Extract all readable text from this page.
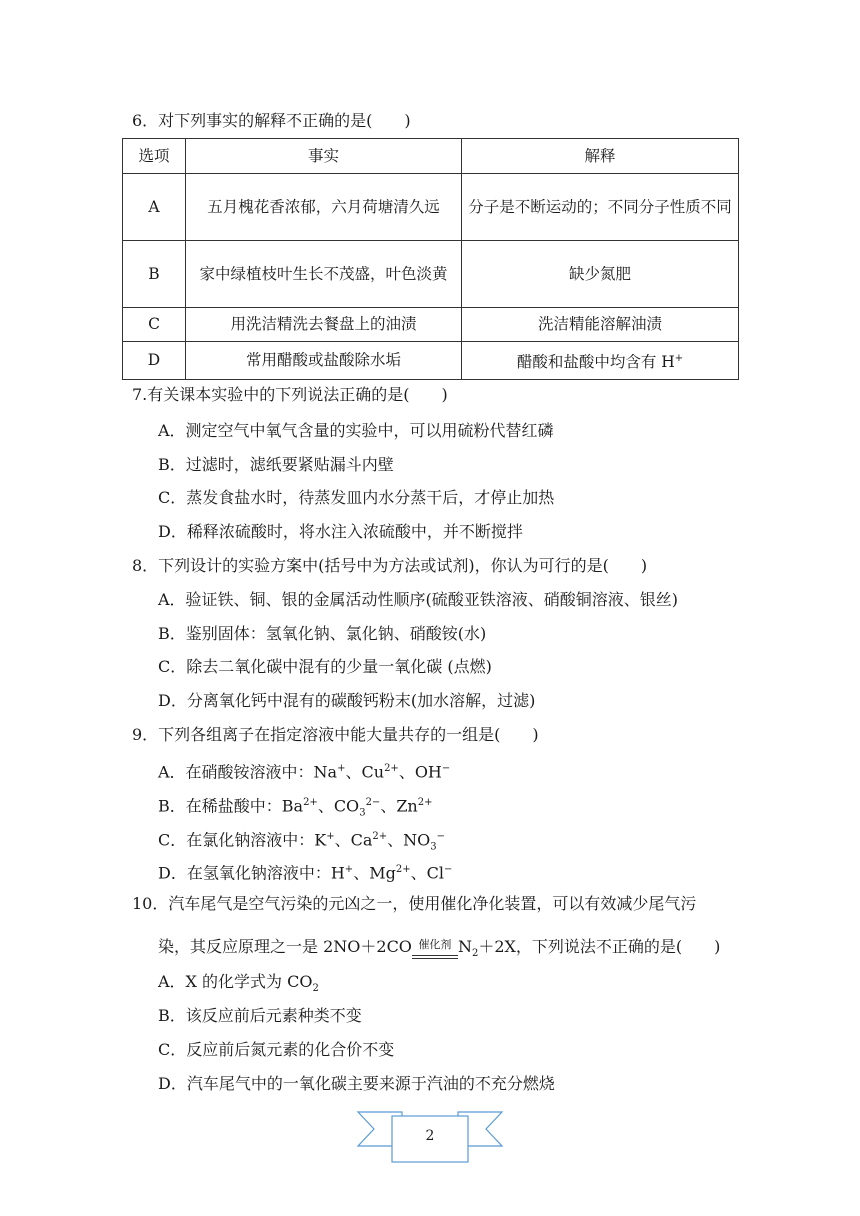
6．对下列事实的解释不正确的是(　　)
选项	事实	解释
A	五月槐花香浓郁，六月荷塘清久远	分子是不断运动的；不同分子性质不同
B	家中绿植枝叶生长不茂盛，叶色淡黄	缺少氮肥
C	用洗洁精洗去餐盘上的油渍	洗洁精能溶解油渍
D	常用醋酸或盐酸除水垢	醋酸和盐酸中均含有 H+
7.有关课本实验中的下列说法正确的是(　　)
A．测定空气中氧气含量的实验中，可以用硫粉代替红磷
B．过滤时，滤纸要紧贴漏斗内壁
C．蒸发食盐水时，待蒸发皿内水分蒸干后，才停止加热
D．稀释浓硫酸时，将水注入浓硫酸中，并不断搅拌
8．下列设计的实验方案中(括号中为方法或试剂)，你认为可行的是(　　)
A．验证铁、铜、银的金属活动性顺序(硫酸亚铁溶液、硝酸铜溶液、银丝)
B．鉴别固体：氢氧化钠、氯化钠、硝酸铵(水)
C．除去二氧化碳中混有的少量一氧化碳 (点燃)
D．分离氧化钙中混有的碳酸钙粉末(加水溶解，过滤)
9．下列各组离子在指定溶液中能大量共存的一组是(　　)
A．在硝酸铵溶液中：Na+、$Cu^{2+}$、OH−
B．在稀盐酸中：$Ba^{2+}$、$CO_3^{2-}$、$Zn^{2+}$
C．在氯化钠溶液中：K+、$Ca^{2+}$、$NO_3^-$
D．在氢氧化钠溶液中：H+、$Mg^{2+}$、Cl−
10．汽车尾气是空气污染的元凶之一，使用催化净化装置，可以有效减少尾气污
染，其反应原理之一是 2NO＋2CO 催化剂 $N_2+2X$，下列说法不正确的是(　　)
A．X 的化学式为 $CO_2$
B．该反应前后元素种类不变
C．反应前后氮元素的化合价不变
D．汽车尾气中的一氧化碳主要来源于汽油的不充分燃烧
2
